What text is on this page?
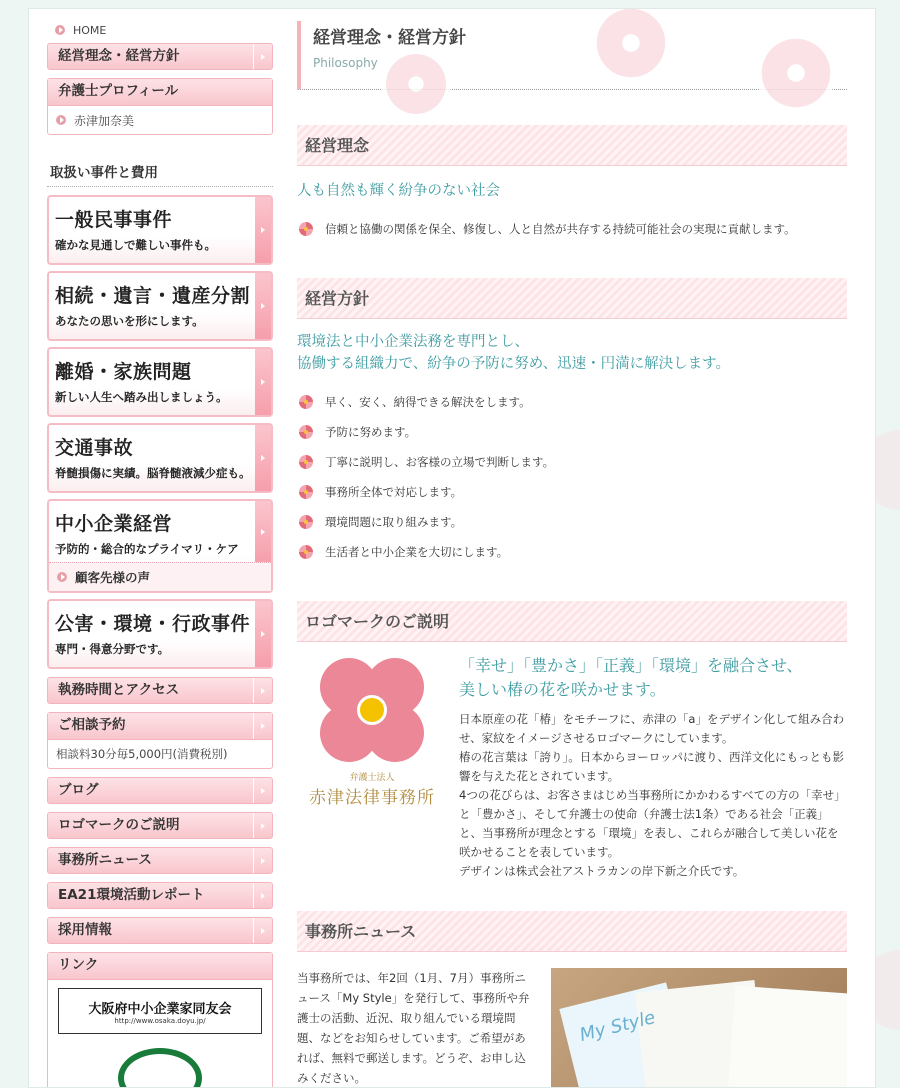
HOME
経営理念・経営方針
弁護士プロフィール
赤津加奈美
取扱い事件と費用
一般民事事件
確かな見通しで難しい事件も。
相続・遺言・遺産分割
あなたの思いを形にします。
離婚・家族問題
新しい人生へ踏み出しましょう。
交通事故
脊髄損傷に実績。脳脊髄液減少症も。
中小企業経営
予防的・総合的なプライマリ・ケア
顧客先様の声
公害・環境・行政事件
専門・得意分野です。
執務時間とアクセス
ご相談予約
相談料30分毎5,000円(消費税別)
ブログ
ロゴマークのご説明
事務所ニュース
EA21環境活動レポート
採用情報
リンク
大阪府中小企業家同友会
http://www.osaka.doyu.jp/
経営理念・経営方針
Philosophy
経営理念
人も自然も輝く紛争のない社会
信頼と協働の関係を保全、修復し、人と自然が共存する持続可能社会の実現に貢献します。
経営方針
環境法と中小企業法務を専門とし、
協働する組織力で、紛争の予防に努め、迅速・円満に解決します。
早く、安く、納得できる解決をします。
予防に努めます。
丁寧に説明し、お客様の立場で判断します。
事務所全体で対応します。
環境問題に取り組みます。
生活者と中小企業を大切にします。
ロゴマークのご説明
弁護士法人
赤津法律事務所
「幸せ」「豊かさ」「正義」「環境」を融合させ、
美しい椿の花を咲かせます。
日本原産の花「椿」をモチーフに、赤津の「a」をデザイン化して組み合わせ、家紋をイメージさせるロゴマークにしています。
椿の花言葉は「誇り」。日本からヨーロッパに渡り、西洋文化にもっとも影響を与えた花とされています。
4つの花びらは、お客さまはじめ当事務所にかかわるすべての方の「幸せ」と「豊かさ」、そして弁護士の使命（弁護士法1条）である社会「正義」と、当事務所が理念とする「環境」を表し、これらが融合して美しい花を咲かせることを表しています。
デザインは株式会社アストラカンの岸下新之介氏です。
事務所ニュース
当事務所では、年2回（1月、7月）事務所ニュース「My Style」を発行して、事務所や弁護士の活動、近況、取り組んでいる環境問題、などをお知らせしています。ご希望があれば、無料で郵送します。どうぞ、お申し込みください。
My Style
